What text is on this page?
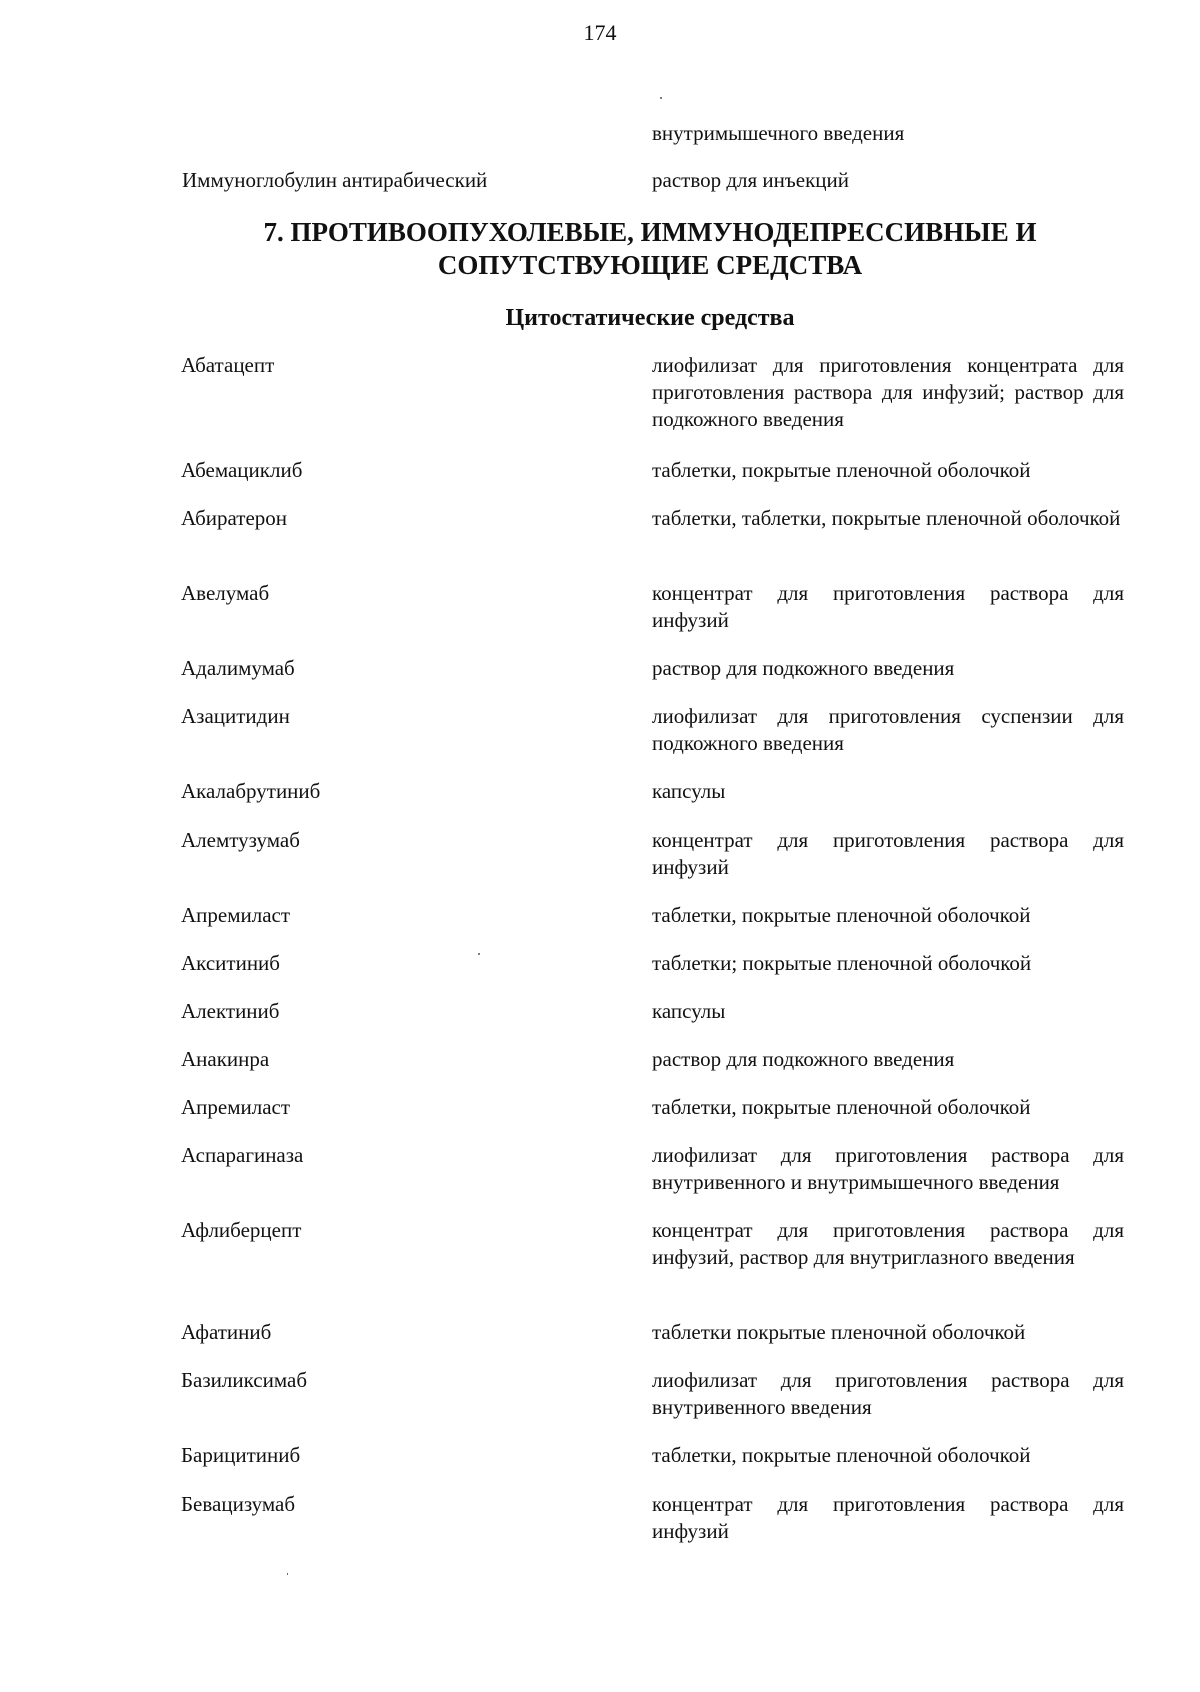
174
внутримышечного введения
Иммуноглобулин антирабический	раствор для инъекций
7. ПРОТИВООПУХОЛЕВЫЕ, ИММУНОДЕПРЕССИВНЫЕ И
СОПУТСТВУЮЩИЕ СРЕДСТВА
Цитостатические средства
Абатацепт	лиофилизат для приготовления концентрата для приготовления раствора для инфузий; раствор для подкожного введения
Абемациклиб	таблетки, покрытые пленочной оболочкой
Абиратерон	таблетки, таблетки, покрытые пленочной оболочкой
Авелумаб	концентрат для приготовления раствора для инфузий
Адалимумаб	раствор для подкожного введения
Азацитидин	лиофилизат для приготовления суспензии для подкожного введения
Акалабрутиниб	капсулы
Алемтузумаб	концентрат для приготовления раствора для инфузий
Апремиласт	таблетки, покрытые пленочной оболочкой
Акситиниб	таблетки; покрытые пленочной оболочкой
Алектиниб	капсулы
Анакинра	раствор для подкожного введения
Апремиласт	таблетки, покрытые пленочной оболочкой
Аспарагиназа	лиофилизат для приготовления раствора для внутривенного и внутримышечного введения
Афлиберцепт	концентрат для приготовления раствора для инфузий, раствор для внутриглазного введения
Афатиниб	таблетки покрытые пленочной оболочкой
Базиликсимаб	лиофилизат для приготовления раствора для внутривенного введения
Барицитиниб	таблетки, покрытые пленочной оболочкой
Бевацизумаб	концентрат для приготовления раствора для инфузий
